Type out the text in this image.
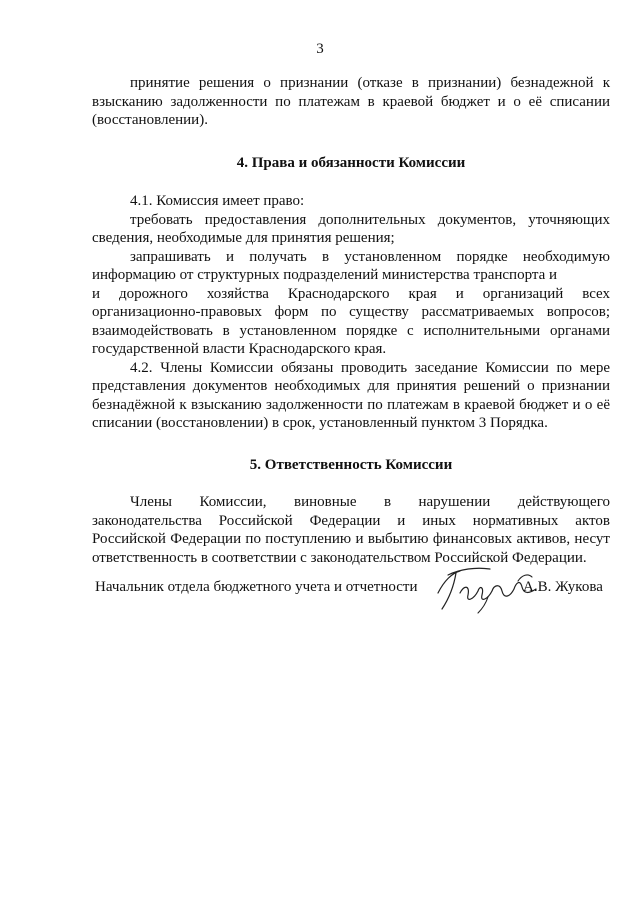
3

принятие решения о признании (отказе в признании) безнадежной к

взысканию задолженности по платежам в краевой бюджет и о её списании

(восстановлении).

4. Права и обязанности Комиссии

4.1. Комиссия имеет право:

требовать предоставления дополнительных документов, уточняющих

сведения, необходимые для принятия решения;

запрашивать и получать в установленном порядке необходимую

информацию от структурных подразделений министерства транспорта и

и дорожного хозяйства Краснодарского края и организаций всех

организационно-правовых форм по существу рассматриваемых вопросов;

взаимодействовать в установленном порядке с исполнительными органами

государственной власти Краснодарского края.

4.2. Члены Комиссии обязаны проводить заседание Комиссии по мере

представления документов необходимых для принятия решений о признании

безнадёжной к взысканию задолженности по платежам в краевой бюджет и о её

списании (восстановлении) в срок, установленный пунктом 3 Порядка.

5. Ответственность Комиссии

Члены Комиссии, виновные в нарушении действующего

законодательства Российской Федерации и иных нормативных актов

Российской Федерации по поступлению и выбытию финансовых активов, несут

ответственность в соответствии с законодательством Российской Федерации.

Начальник отдела бюджетного учета и отчетности	А.В. Жукова
